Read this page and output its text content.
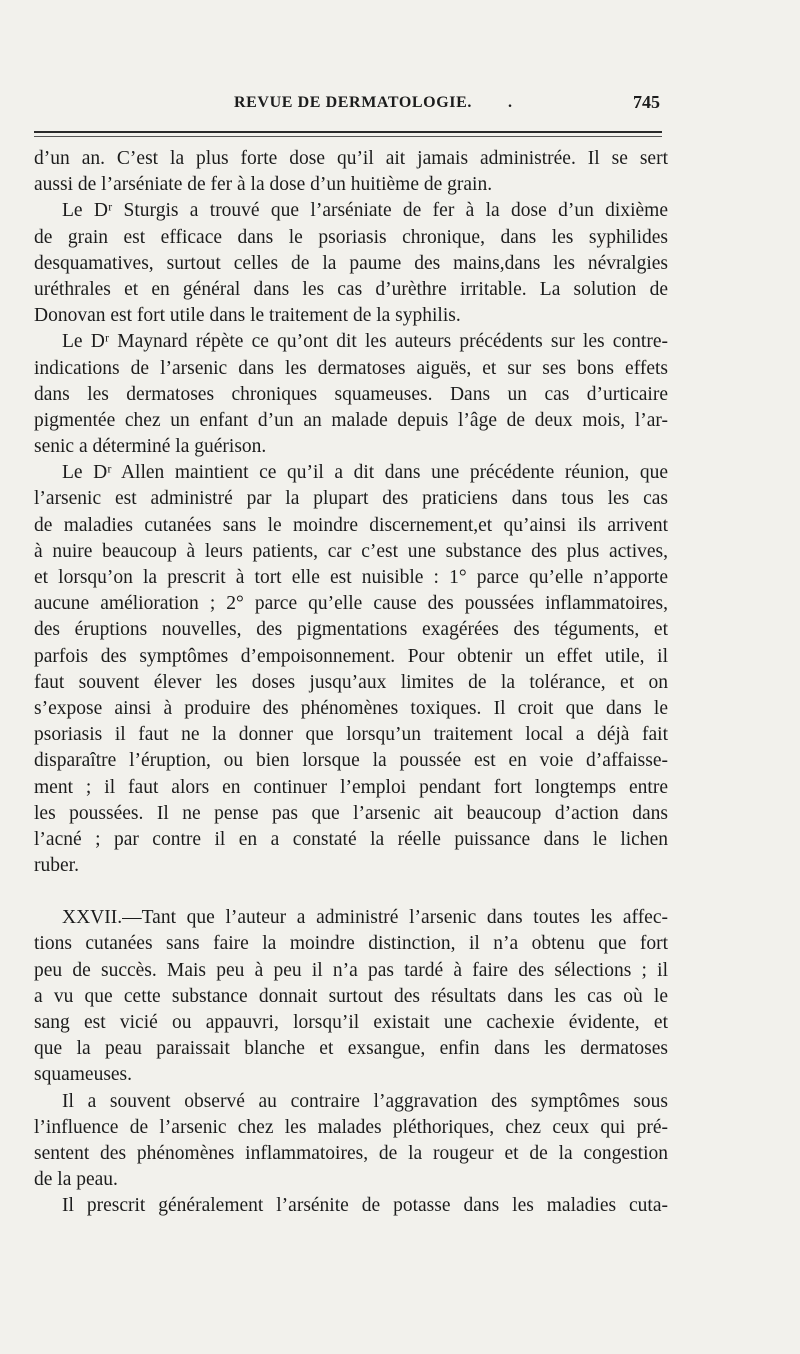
REVUE DE DERMATOLOGIE. .	745
d’un an. C’est la plus forte dose qu’il ait jamais administrée. Il se sert
aussi de l’arséniate de fer à la dose d’un huitième de grain.
Le Dʳ Sturgis a trouvé que l’arséniate de fer à la dose d’un dixième
de grain est efficace dans le psoriasis chronique, dans les syphilides
desquamatives, surtout celles de la paume des mains,dans les névralgies
uréthrales et en général dans les cas d’urèthre irritable. La solution de
Donovan est fort utile dans le traitement de la syphilis.
Le Dʳ Maynard répète ce qu’ont dit les auteurs précédents sur les contre-
indications de l’arsenic dans les dermatoses aiguës, et sur ses bons effets
dans les dermatoses chroniques squameuses. Dans un cas d’urticaire
pigmentée chez un enfant d’un an malade depuis l’âge de deux mois, l’ar-
senic a déterminé la guérison.
Le Dʳ Allen maintient ce qu’il a dit dans une précédente réunion, que
l’arsenic est administré par la plupart des praticiens dans tous les cas
de maladies cutanées sans le moindre discernement,et qu’ainsi ils arrivent
à nuire beaucoup à leurs patients, car c’est une substance des plus actives,
et lorsqu’on la prescrit à tort elle est nuisible : 1° parce qu’elle n’apporte
aucune amélioration ; 2° parce qu’elle cause des poussées inflammatoires,
des éruptions nouvelles, des pigmentations exagérées des téguments, et
parfois des symptômes d’empoisonnement. Pour obtenir un effet utile, il
faut souvent élever les doses jusqu’aux limites de la tolérance, et on
s’expose ainsi à produire des phénomènes toxiques. Il croit que dans le
psoriasis il faut ne la donner que lorsqu’un traitement local a déjà fait
disparaître l’éruption, ou bien lorsque la poussée est en voie d’affaisse-
ment ; il faut alors en continuer l’emploi pendant fort longtemps entre
les poussées. Il ne pense pas que l’arsenic ait beaucoup d’action dans
l’acné ; par contre il en a constaté la réelle puissance dans le lichen
ruber.
XXVII.—Tant que l’auteur a administré l’arsenic dans toutes les affec-
tions cutanées sans faire la moindre distinction, il n’a obtenu que fort
peu de succès. Mais peu à peu il n’a pas tardé à faire des sélections ; il
a vu que cette substance donnait surtout des résultats dans les cas où le
sang est vicié ou appauvri, lorsqu’il existait une cachexie évidente, et
que la peau paraissait blanche et exsangue, enfin dans les dermatoses
squameuses.
Il a souvent observé au contraire l’aggravation des symptômes sous
l’influence de l’arsenic chez les malades pléthoriques, chez ceux qui pré-
sentent des phénomènes inflammatoires, de la rougeur et de la congestion
de la peau.
Il prescrit généralement l’arsénite de potasse dans les maladies cuta-
